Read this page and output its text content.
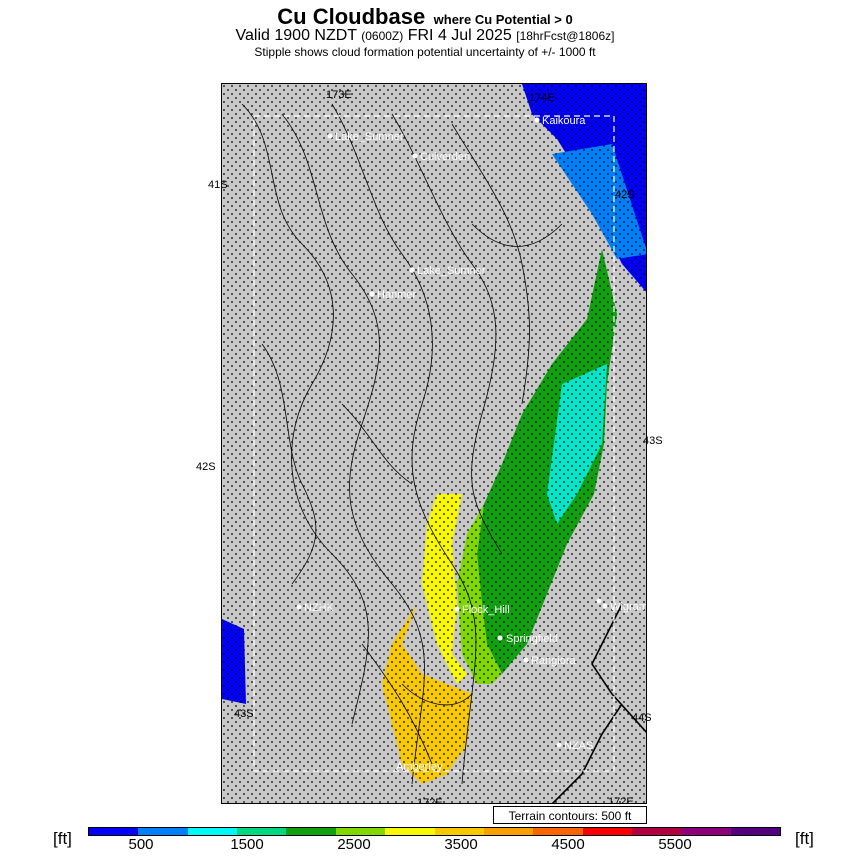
Cu Cloudbase where Cu Potential > 0
Valid 1900 NZDT (0600Z) FRI 4 Jul 2025 [18hrFcst@1806z]
Stipple shows cloud formation potential uncertainty of +/- 1000 ft
Kaikoura
Culverden
Lake_Sumner
Lake_Sumner
Hanmer
NZHK	Flock_Hill
Springfield
Rangiora
Wigram
NZAS
Amberley
173E	174E
42S
172E
43S
172E
41S
42S
43S
44S
Terrain contours: 500 ft
[ft]	[ft]
500	1500	2500	3500	4500	5500
